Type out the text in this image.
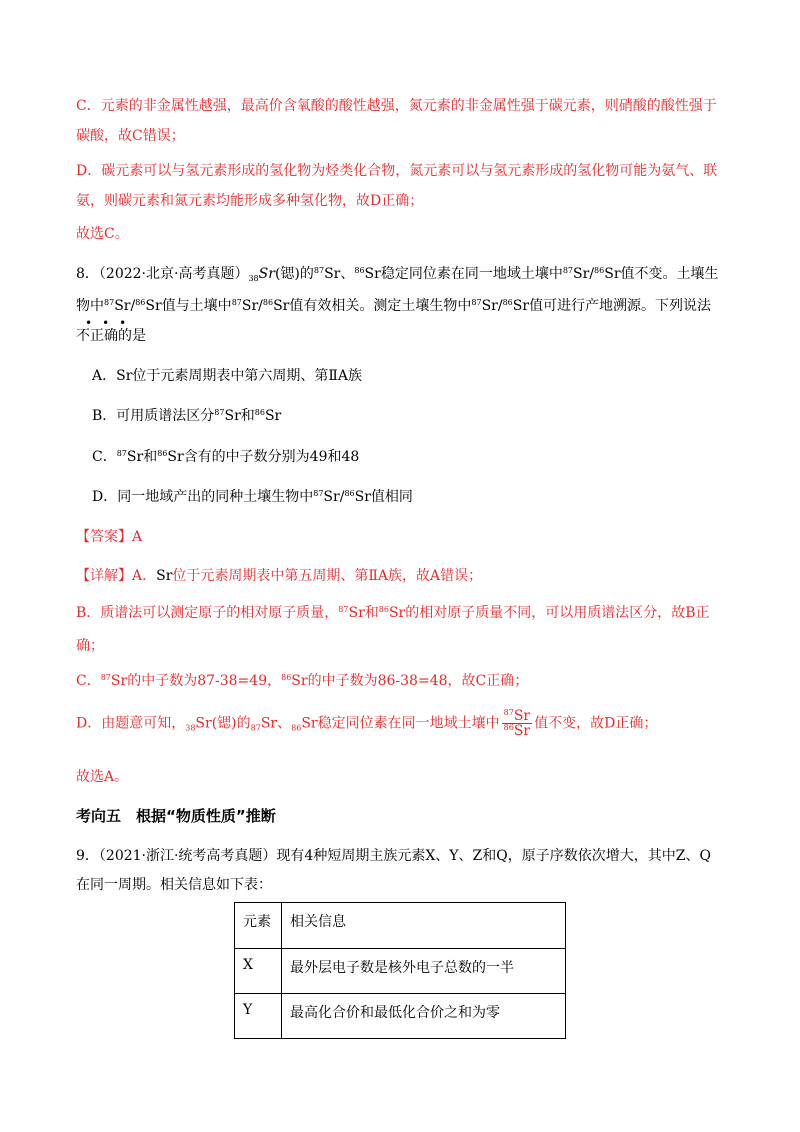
C．元素的非金属性越强，最高价含氧酸的酸性越强，氮元素的非金属性强于碳元素，则硝酸的酸性强于
碳酸，故C错误；
D．碳元素可以与氢元素形成的氢化物为烃类化合物，氮元素可以与氢元素形成的氢化物可能为氨气、联
氨，则碳元素和氮元素均能形成多种氢化物，故D正确；
故选C。
8．（2022·北京·高考真题）$_{38}Sr$(锶)的$^{87}$Sr、$^{86}$Sr稳定同位素在同一地域土壤中$^{87}$Sr/$^{86}$Sr值不变。土壤生
物中$^{87}$Sr/$^{86}$Sr值与土壤中$^{87}$Sr/$^{86}$Sr值有效相关。测定土壤生物中$^{87}$Sr/$^{86}$Sr值可进行产地溯源。下列说法
不正确的是
•••
A．Sr位于元素周期表中第六周期、第ⅡA族
B．可用质谱法区分$^{87}$Sr和$^{86}$Sr
C．$^{87}$Sr和$^{86}$Sr含有的中子数分别为49和48
D．同一地域产出的同种土壤生物中$^{87}$Sr/$^{86}$Sr值相同
【答案】A
【详解】A．Sr位于元素周期表中第五周期、第ⅡA族，故A错误；
B．质谱法可以测定原子的相对原子质量，$^{87}$Sr和$^{86}$Sr的相对原子质量不同，可以用质谱法区分，故B正
确；
C．$^{87}$Sr的中子数为87-38=49，$^{86}$Sr的中子数为86-38=48，故C正确；
D．由题意可知，$_{38}$Sr(锶)的$_{87}$Sr、$_{86}$Sr稳定同位素在同一地域土壤中 $\frac{^{87}Sr}{^{86}Sr}$ 值不变，故D正确；
故选A。
考向五　根据“物质性质”推断
9．（2021·浙江·统考高考真题）现有4种短周期主族元素X、Y、Z和Q，原子序数依次增大，其中Z、Q
在同一周期。相关信息如下表：
元素	相关信息
X	最外层电子数是核外电子总数的一半
Y	最高化合价和最低化合价之和为零
